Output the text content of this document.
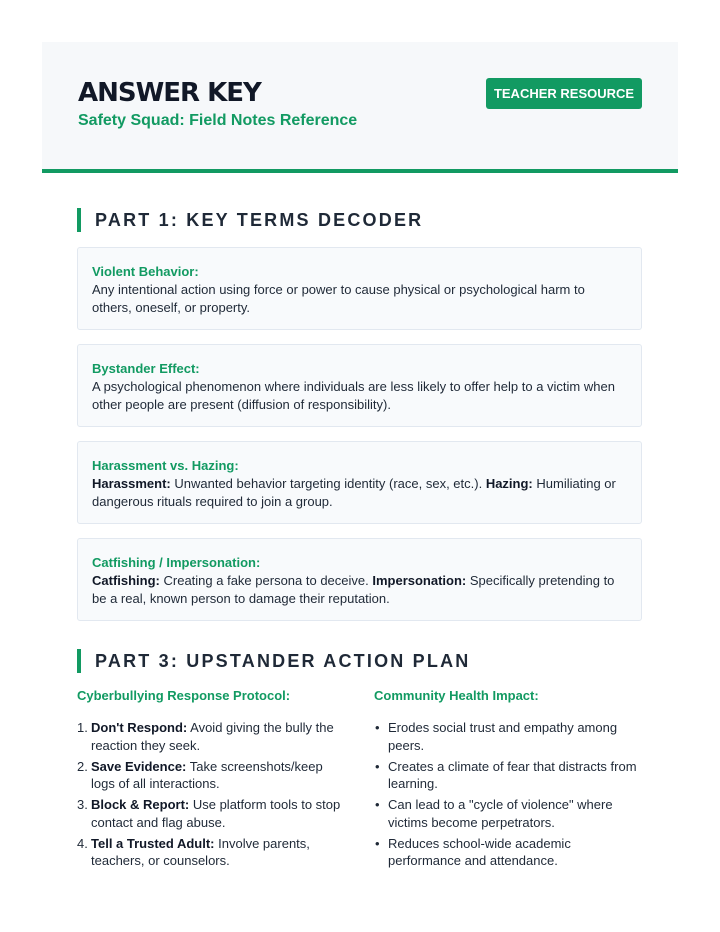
ANSWER KEY
Safety Squad: Field Notes Reference
TEACHER RESOURCE
PART 1: KEY TERMS DECODER
Violent Behavior:
Any intentional action using force or power to cause physical or psychological harm to others, oneself, or property.
Bystander Effect:
A psychological phenomenon where individuals are less likely to offer help to a victim when other people are present (diffusion of responsibility).
Harassment vs. Hazing:
Harassment: Unwanted behavior targeting identity (race, sex, etc.). Hazing: Humiliating or dangerous rituals required to join a group.
Catfishing / Impersonation:
Catfishing: Creating a fake persona to deceive. Impersonation: Specifically pretending to be a real, known person to damage their reputation.
PART 3: UPSTANDER ACTION PLAN
Cyberbullying Response Protocol:	Community Health Impact:
1. Don't Respond: Avoid giving the bully the reaction they seek.
2. Save Evidence: Take screenshots/keep logs of all interactions.
3. Block & Report: Use platform tools to stop contact and flag abuse.
4. Tell a Trusted Adult: Involve parents, teachers, or counselors.
• Erodes social trust and empathy among peers.
• Creates a climate of fear that distracts from learning.
• Can lead to a "cycle of violence" where victims become perpetrators.
• Reduces school-wide academic performance and attendance.
